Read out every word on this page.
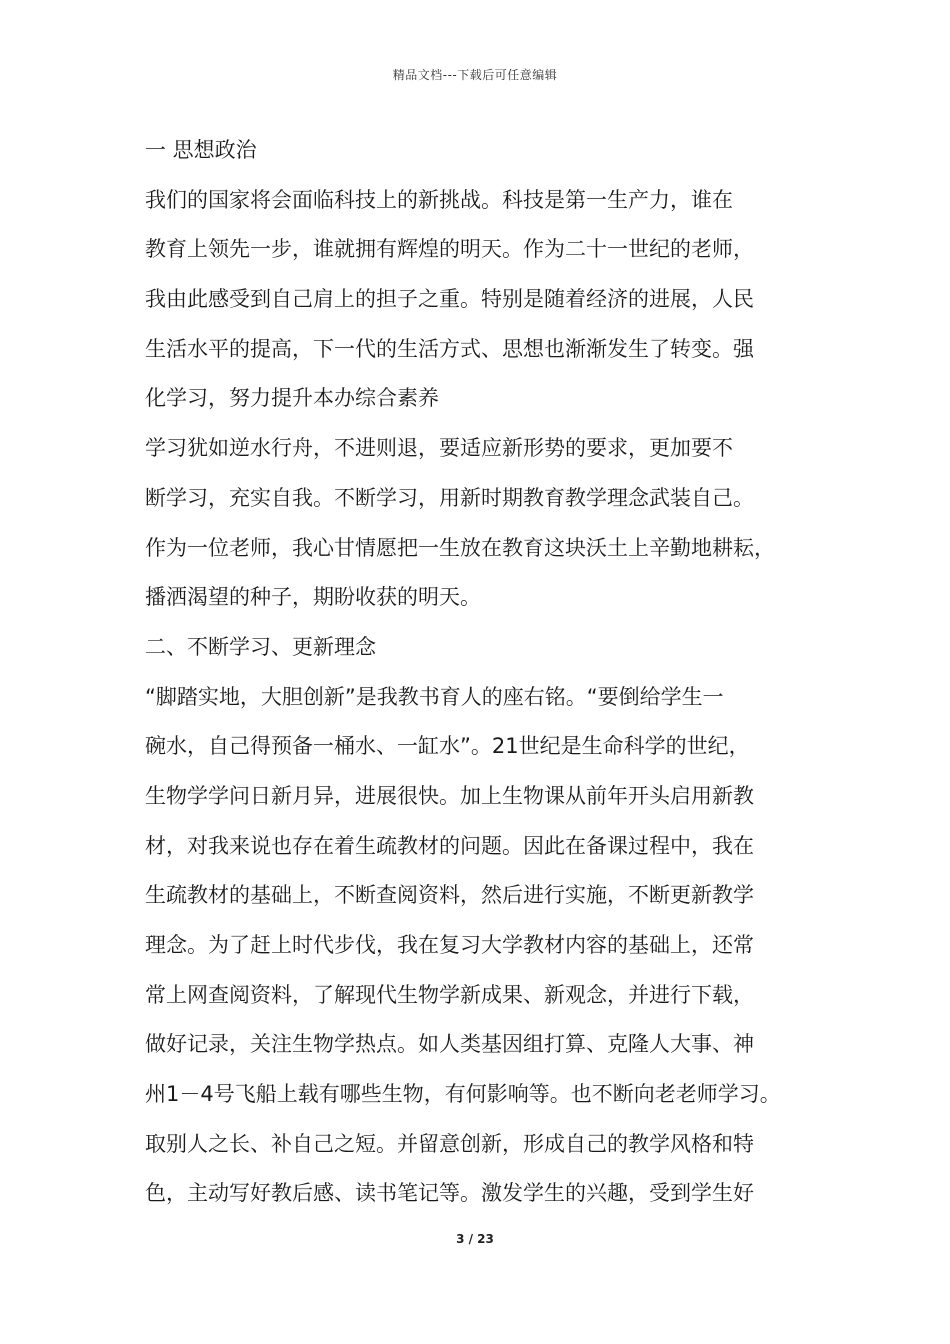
精品文档---下载后可任意编辑
一 思想政治
我们的国家将会面临科技上的新挑战。科技是第一生产力，谁在
教育上领先一步，谁就拥有辉煌的明天。作为二十一世纪的老师，
我由此感受到自己肩上的担子之重。特别是随着经济的进展，人民
生活水平的提高，下一代的生活方式、思想也渐渐发生了转变。强
化学习，努力提升本办综合素养
学习犹如逆水行舟，不进则退，要适应新形势的要求，更加要不
断学习，充实自我。不断学习，用新时期教育教学理念武装自己。
作为一位老师，我心甘情愿把一生放在教育这块沃土上辛勤地耕耘，
播洒渴望的种子，期盼收获的明天。
二、不断学习、更新理念
“脚踏实地，大胆创新”是我教书育人的座右铭。“要倒给学生一
碗水，自己得预备一桶水、一缸水”。21世纪是生命科学的世纪，
生物学学问日新月异，进展很快。加上生物课从前年开头启用新教
材，对我来说也存在着生疏教材的问题。因此在备课过程中，我在
生疏教材的基础上，不断查阅资料，然后进行实施，不断更新教学
理念。为了赶上时代步伐，我在复习大学教材内容的基础上，还常
常上网查阅资料，了解现代生物学新成果、新观念，并进行下载，
做好记录，关注生物学热点。如人类基因组打算、克隆人大事、神
州1－4号飞船上载有哪些生物，有何影响等。也不断向老老师学习。
取别人之长、补自己之短。并留意创新，形成自己的教学风格和特
色，主动写好教后感、读书笔记等。激发学生的兴趣，受到学生好
3 / 23
